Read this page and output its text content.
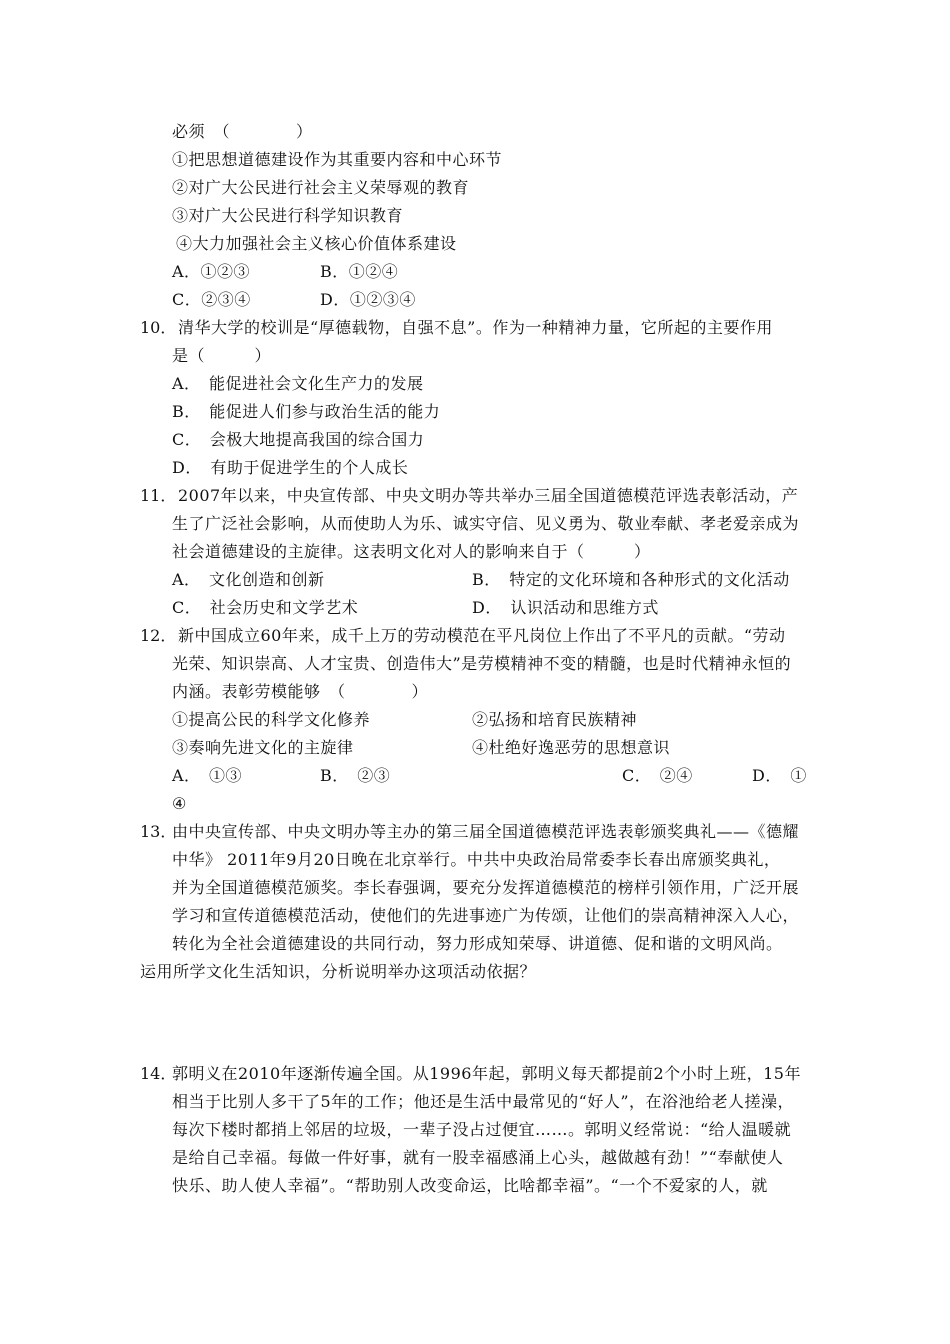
必须　（　　　　）
①把思想道德建设作为其重要内容和中心环节
②对广大公民进行社会主义荣辱观的教育
③对广大公民进行科学知识教育
④大力加强社会主义核心价值体系建设
A．①②③	B．①②④
C．②③④	D．①②③④
10． 清华大学的校训是“厚德载物，自强不息”。作为一种精神力量，它所起的主要作用
是（　　　）
A．　能促进社会文化生产力的发展
B．　能促进人们参与政治生活的能力
C．　会极大地提高我国的综合国力
D．　有助于促进学生的个人成长
11． 2007年以来，中央宣传部、中央文明办等共举办三届全国道德模范评选表彰活动，产
生了广泛社会影响，从而使助人为乐、诚实守信、见义勇为、敬业奉献、孝老爱亲成为
社会道德建设的主旋律。这表明文化对人的影响来自于（　　　）
A．　文化创造和创新	B．　特定的文化环境和各种形式的文化活动
C．　社会历史和文学艺术	D．　认识活动和思维方式
12． 新中国成立60年来，成千上万的劳动模范在平凡岗位上作出了不平凡的贡献。“劳动
光荣、知识崇高、人才宝贵、创造伟大”是劳模精神不变的精髓，也是时代精神永恒的
内涵。表彰劳模能够　（　　　　）
①提高公民的科学文化修养	②弘扬和培育民族精神
③奏响先进文化的主旋律	④杜绝好逸恶劳的思想意识
A．　①③	B．　②③	C．　②④	D．　①
④
13．
由中央宣传部、中央文明办等主办的第三届全国道德模范评选表彰颁奖典礼——《德耀
中华》 2011年9月20日晚在北京举行。中共中央政治局常委李长春出席颁奖典礼，
并为全国道德模范颁奖。李长春强调，要充分发挥道德模范的榜样引领作用，广泛开展
学习和宣传道德模范活动，使他们的先进事迹广为传颂，让他们的崇高精神深入人心，
转化为全社会道德建设的共同行动，努力形成知荣辱、讲道德、促和谐的文明风尚。
运用所学文化生活知识，分析说明举办这项活动依据？
14．
郭明义在2010年逐渐传遍全国。从1996年起，郭明义每天都提前2个小时上班，15年
相当于比别人多干了5年的工作；他还是生活中最常见的“好人”，在浴池给老人搓澡，
每次下楼时都捎上邻居的垃圾，一辈子没占过便宜……。郭明义经常说：“给人温暖就
是给自己幸福。每做一件好事，就有一股幸福感涌上心头，越做越有劲！”“奉献使人
快乐、助人使人幸福”。“帮助别人改变命运，比啥都幸福”。“一个不爱家的人，就
